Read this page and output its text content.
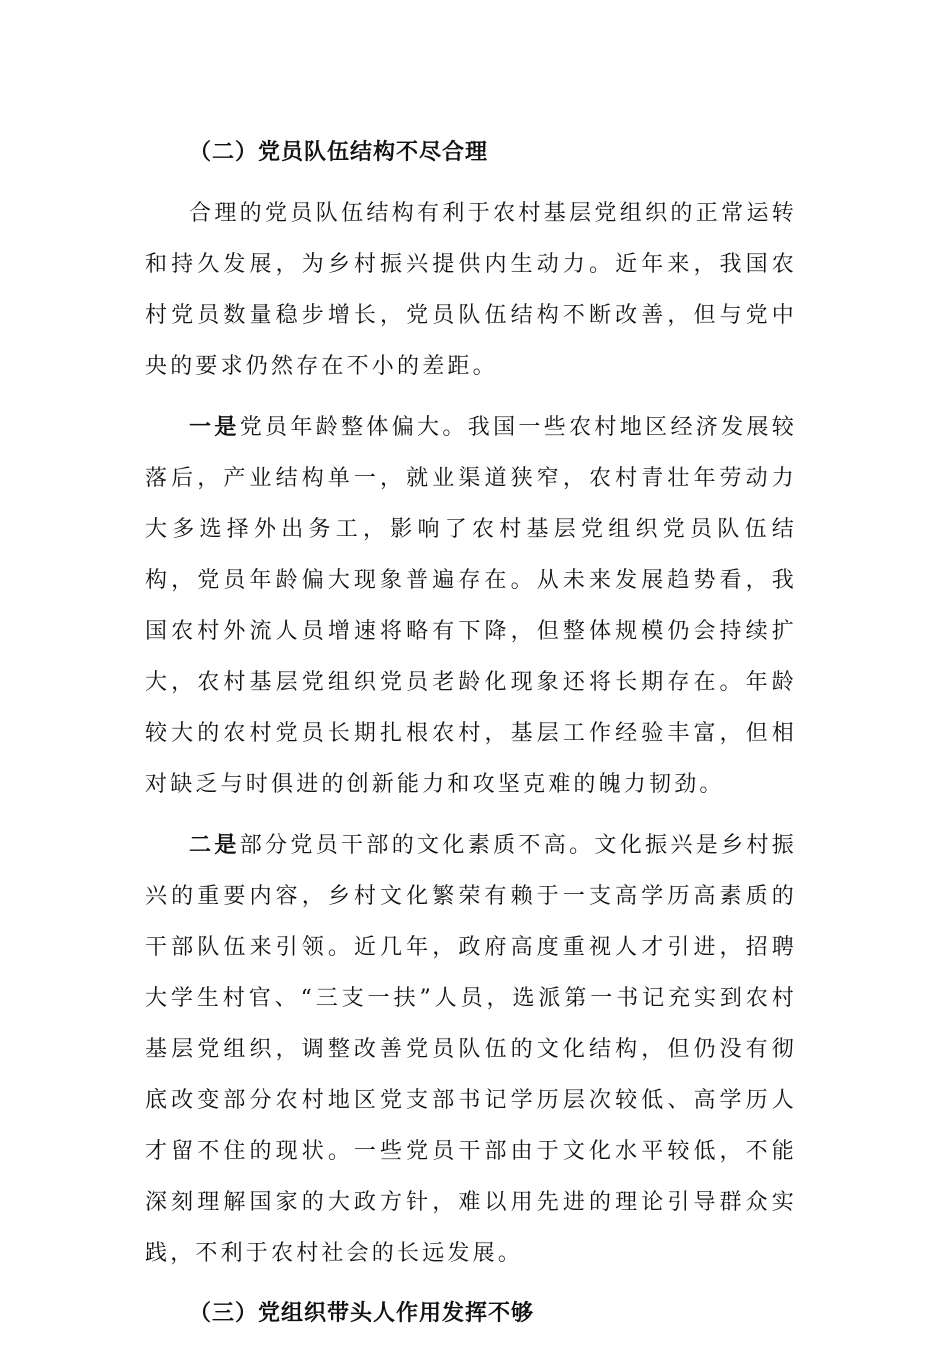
（二）党员队伍结构不尽合理

合理的党员队伍结构有利于农村基层党组织的正常运转和持久发展，为乡村振兴提供内生动力。近年来，我国农村党员数量稳步增长，党员队伍结构不断改善，但与党中央的要求仍然存在不小的差距。

一是党员年龄整体偏大。我国一些农村地区经济发展较落后，产业结构单一，就业渠道狭窄，农村青壮年劳动力大多选择外出务工，影响了农村基层党组织党员队伍结构，党员年龄偏大现象普遍存在。从未来发展趋势看，我国农村外流人员增速将略有下降，但整体规模仍会持续扩大，农村基层党组织党员老龄化现象还将长期存在。年龄较大的农村党员长期扎根农村，基层工作经验丰富，但相对缺乏与时俱进的创新能力和攻坚克难的魄力韧劲。

二是部分党员干部的文化素质不高。文化振兴是乡村振兴的重要内容，乡村文化繁荣有赖于一支高学历高素质的干部队伍来引领。近几年，政府高度重视人才引进，招聘大学生村官、“三支一扶”人员，选派第一书记充实到农村基层党组织，调整改善党员队伍的文化结构，但仍没有彻底改变部分农村地区党支部书记学历层次较低、高学历人才留不住的现状。一些党员干部由于文化水平较低，不能深刻理解国家的大政方针，难以用先进的理论引导群众实践，不利于农村社会的长远发展。

（三）党组织带头人作用发挥不够
